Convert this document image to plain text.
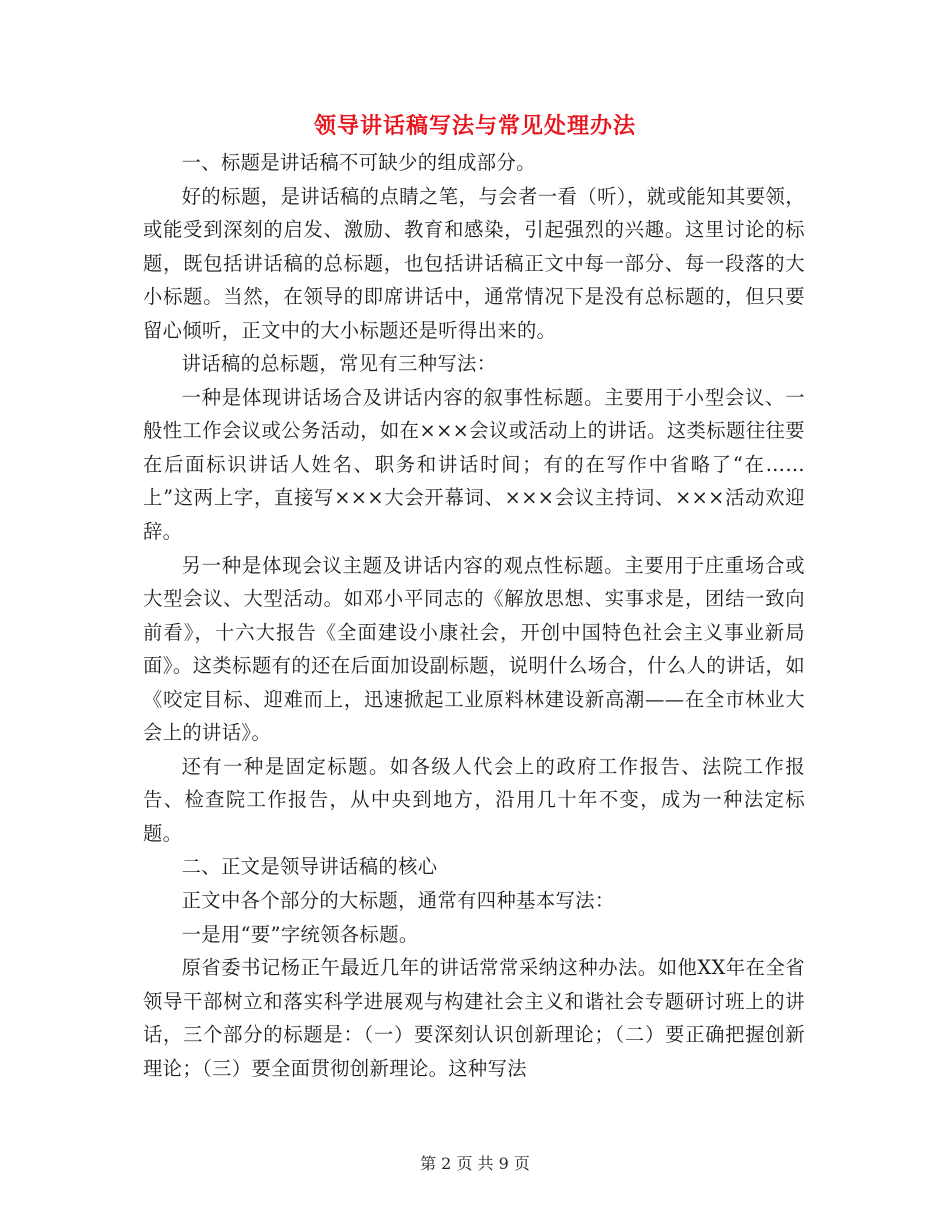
领导讲话稿写法与常见处理办法

一、标题是讲话稿不可缺少的组成部分。

好的标题，是讲话稿的点睛之笔，与会者一看（听），就或能知其要领，或能受到深刻的启发、激励、教育和感染，引起强烈的兴趣。这里讨论的标题，既包括讲话稿的总标题，也包括讲话稿正文中每一部分、每一段落的大小标题。当然，在领导的即席讲话中，通常情况下是没有总标题的，但只要留心倾听，正文中的大小标题还是听得出来的。

讲话稿的总标题，常见有三种写法：

一种是体现讲话场合及讲话内容的叙事性标题。主要用于小型会议、一般性工作会议或公务活动，如在×××会议或活动上的讲话。这类标题往往要在后面标识讲话人姓名、职务和讲话时间；有的在写作中省略了“在……上”这两上字，直接写×××大会开幕词、×××会议主持词、×××活动欢迎辞。

另一种是体现会议主题及讲话内容的观点性标题。主要用于庄重场合或大型会议、大型活动。如邓小平同志的《解放思想、实事求是，团结一致向前看》，十六大报告《全面建设小康社会，开创中国特色社会主义事业新局面》。这类标题有的还在后面加设副标题，说明什么场合，什么人的讲话，如《咬定目标、迎难而上，迅速掀起工业原料林建设新高潮——在全市林业大会上的讲话》。

还有一种是固定标题。如各级人代会上的政府工作报告、法院工作报告、检查院工作报告，从中央到地方，沿用几十年不变，成为一种法定标题。

二、正文是领导讲话稿的核心

正文中各个部分的大标题，通常有四种基本写法：

一是用“要”字统领各标题。

原省委书记杨正午最近几年的讲话常常采纳这种办法。如他XX年在全省领导干部树立和落实科学进展观与构建社会主义和谐社会专题研讨班上的讲话，三个部分的标题是：（一）要深刻认识创新理论；（二）要正确把握创新理论；（三）要全面贯彻创新理论。这种写法

第 2 页 共 9 页
